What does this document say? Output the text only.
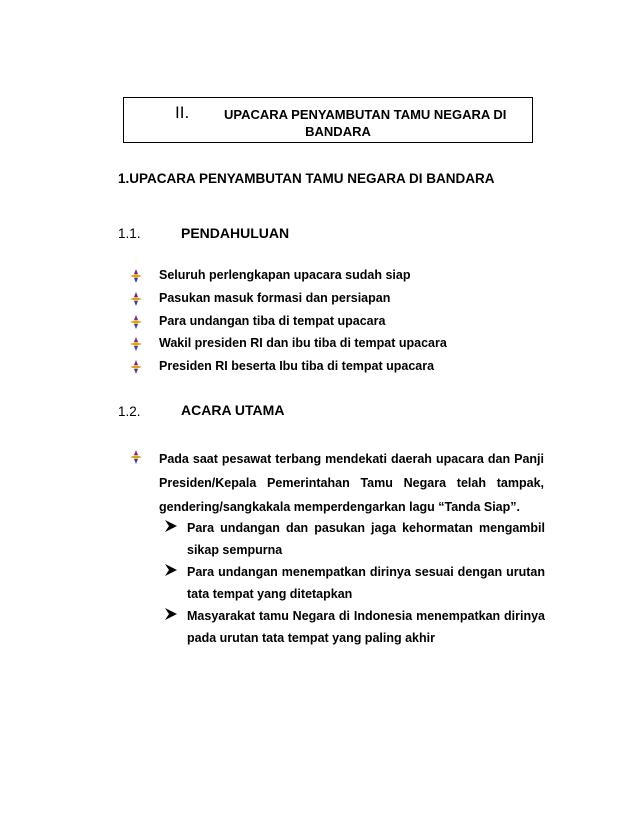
II.	UPACARA PENYAMBUTAN TAMU NEGARA DI
BANDARA
1.UPACARA PENYAMBUTAN TAMU NEGARA DI BANDARA
1.1.	PENDAHULUAN
Seluruh perlengkapan upacara sudah siap
Pasukan masuk formasi dan persiapan
Para undangan tiba di tempat upacara
Wakil presiden RI dan ibu tiba di tempat upacara
Presiden RI beserta Ibu tiba di tempat upacara
1.2.	ACARA UTAMA
Pada saat pesawat terbang mendekati daerah upacara dan Panji Presiden/Kepala Pemerintahan Tamu Negara telah tampak, gendering/sangkakala memperdengarkan lagu “Tanda Siap”.
Para undangan dan pasukan jaga kehormatan mengambil sikap sempurna
Para undangan menempatkan dirinya sesuai dengan urutan tata tempat yang ditetapkan
Masyarakat tamu Negara di Indonesia menempatkan dirinya pada urutan tata tempat yang paling akhir
